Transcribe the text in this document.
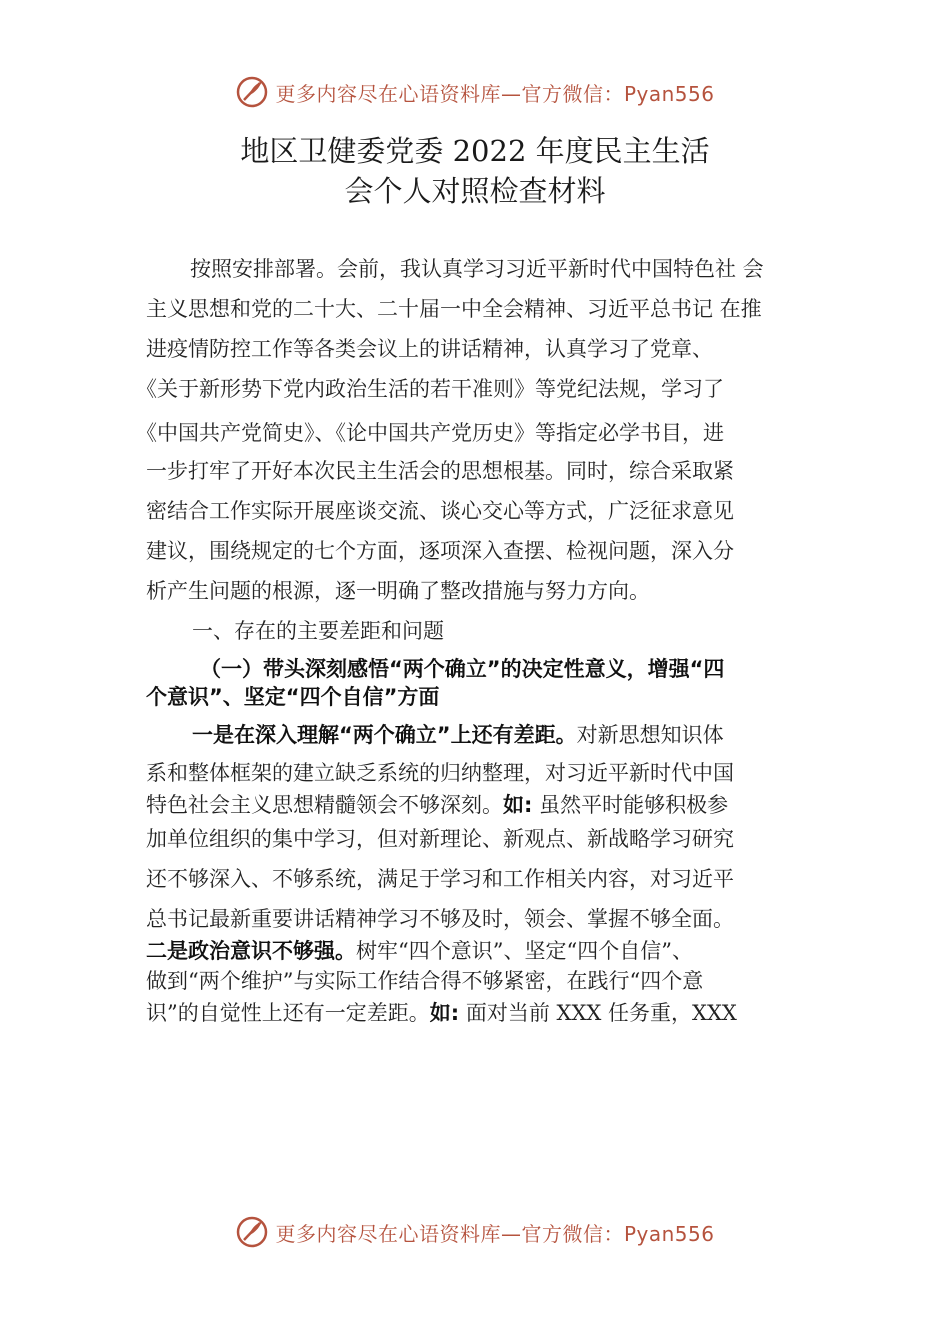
更多内容尽在心语资料库—官方微信：Pyan556
地区卫健委党委 2022 年度民主生活
会个人对照检查材料
按照安排部署。会前，我认真学习习近平新时代中国特色社 会
主义思想和党的二十大、二十届一中全会精神、习近平总书记 在推
进疫情防控工作等各类会议上的讲话精神，认真学习了党章、
《关于新形势下党内政治生活的若干准则》等党纪法规，学习了
《中国共产党简史》、《论中国共产党历史》等指定必学书目，进
一步打牢了开好本次民主生活会的思想根基。同时，综合采取紧
密结合工作实际开展座谈交流、谈心交心等方式，广泛征求意见
建议，围绕规定的七个方面，逐项深入查摆、检视问题，深入分
析产生问题的根源，逐一明确了整改措施与努力方向。
一、存在的主要差距和问题
（一）带头深刻感悟“两个确立”的决定性意义，增强“四
个意识”、坚定“四个自信”方面
一是在深入理解“两个确立”上还有差距。对新思想知识体
系和整体框架的建立缺乏系统的归纳整理，对习近平新时代中国
特色社会主义思想精髓领会不够深刻。如: 虽然平时能够积极参
加单位组织的集中学习，但对新理论、新观点、新战略学习研究
还不够深入、不够系统，满足于学习和工作相关内容，对习近平
总书记最新重要讲话精神学习不够及时，领会、掌握不够全面。
二是政治意识不够强。树牢“四个意识”、坚定“四个自信”、
做到“两个维护”与实际工作结合得不够紧密，在践行“四个意
识”的自觉性上还有一定差距。如: 面对当前 XXX 任务重，XXX
更多内容尽在心语资料库—官方微信：Pyan556
